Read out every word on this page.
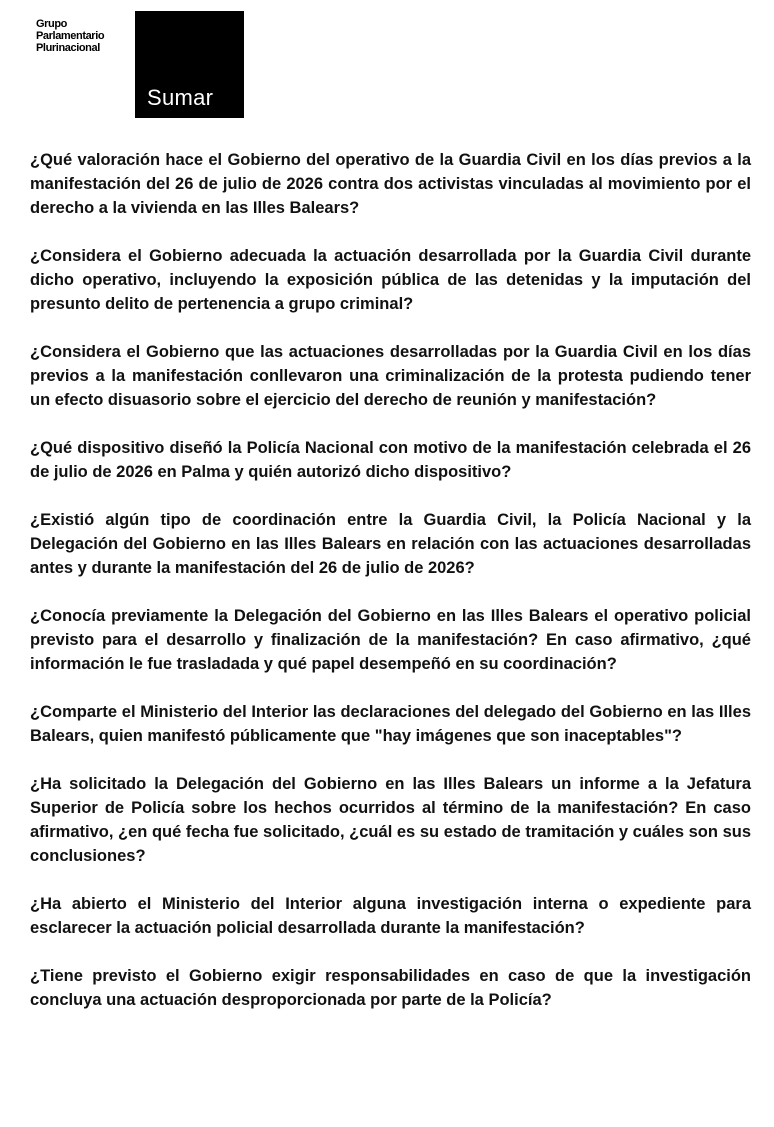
Grupo
Parlamentario
Plurinacional
Sumar

¿Qué valoración hace el Gobierno del operativo de la Guardia Civil en los días previos a la manifestación del 26 de julio de 2026 contra dos activistas vinculadas al movimiento por el derecho a la vivienda en las Illes Balears?

¿Considera el Gobierno adecuada la actuación desarrollada por la Guardia Civil durante dicho operativo, incluyendo la exposición pública de las detenidas y la imputación del presunto delito de pertenencia a grupo criminal?

¿Considera el Gobierno que las actuaciones desarrolladas por la Guardia Civil en los días previos a la manifestación conllevaron una criminalización de la protesta pudiendo tener un efecto disuasorio sobre el ejercicio del derecho de reunión y manifestación?

¿Qué dispositivo diseñó la Policía Nacional con motivo de la manifestación celebrada el 26 de julio de 2026 en Palma y quién autorizó dicho dispositivo?

¿Existió algún tipo de coordinación entre la Guardia Civil, la Policía Nacional y la Delegación del Gobierno en las Illes Balears en relación con las actuaciones desarrolladas antes y durante la manifestación del 26 de julio de 2026?

¿Conocía previamente la Delegación del Gobierno en las Illes Balears el operativo policial previsto para el desarrollo y finalización de la manifestación? En caso afirmativo, ¿qué información le fue trasladada y qué papel desempeñó en su coordinación?

¿Comparte el Ministerio del Interior las declaraciones del delegado del Gobierno en las Illes Balears, quien manifestó públicamente que "hay imágenes que son inaceptables"?

¿Ha solicitado la Delegación del Gobierno en las Illes Balears un informe a la Jefatura Superior de Policía sobre los hechos ocurridos al término de la manifestación? En caso afirmativo, ¿en qué fecha fue solicitado, ¿cuál es su estado de tramitación y cuáles son sus conclusiones?

¿Ha abierto el Ministerio del Interior alguna investigación interna o expediente para esclarecer la actuación policial desarrollada durante la manifestación?

¿Tiene previsto el Gobierno exigir responsabilidades en caso de que la investigación concluya una actuación desproporcionada por parte de la Policía?
